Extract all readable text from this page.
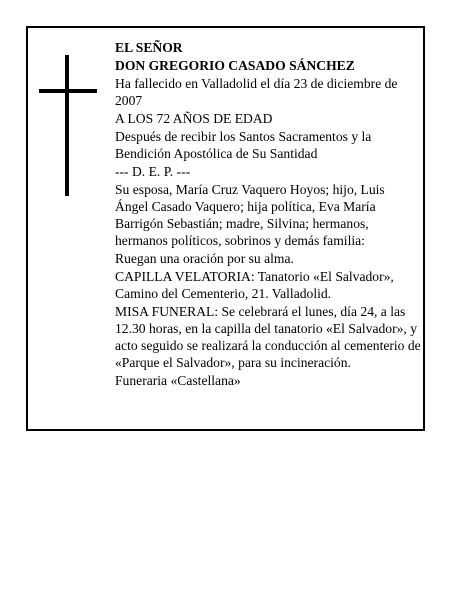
EL SEÑOR

DON GREGORIO CASADO SÁNCHEZ

Ha fallecido en Valladolid el día 23 de diciembre de 2007

A LOS 72 AÑOS DE EDAD

Después de recibir los Santos Sacramentos y la Bendición Apostólica de Su Santidad

--- D. E. P. ---

Su esposa, María Cruz Vaquero Hoyos; hijo, Luis Ángel Casado Vaquero; hija política, Eva María Barrigón Sebastián; madre, Silvina; hermanos, hermanos políticos, sobrinos y demás familia:

Ruegan una oración por su alma.

CAPILLA VELATORIA: Tanatorio «El Salvador», Camino del Cementerio, 21. Valladolid.

MISA FUNERAL: Se celebrará el lunes, día 24, a las 12.30 horas, en la capilla del tanatorio «El Salvador», y acto seguido se realizará la conducción al cementerio de «Parque el Salvador», para su incineración.

Funeraria «Castellana»
